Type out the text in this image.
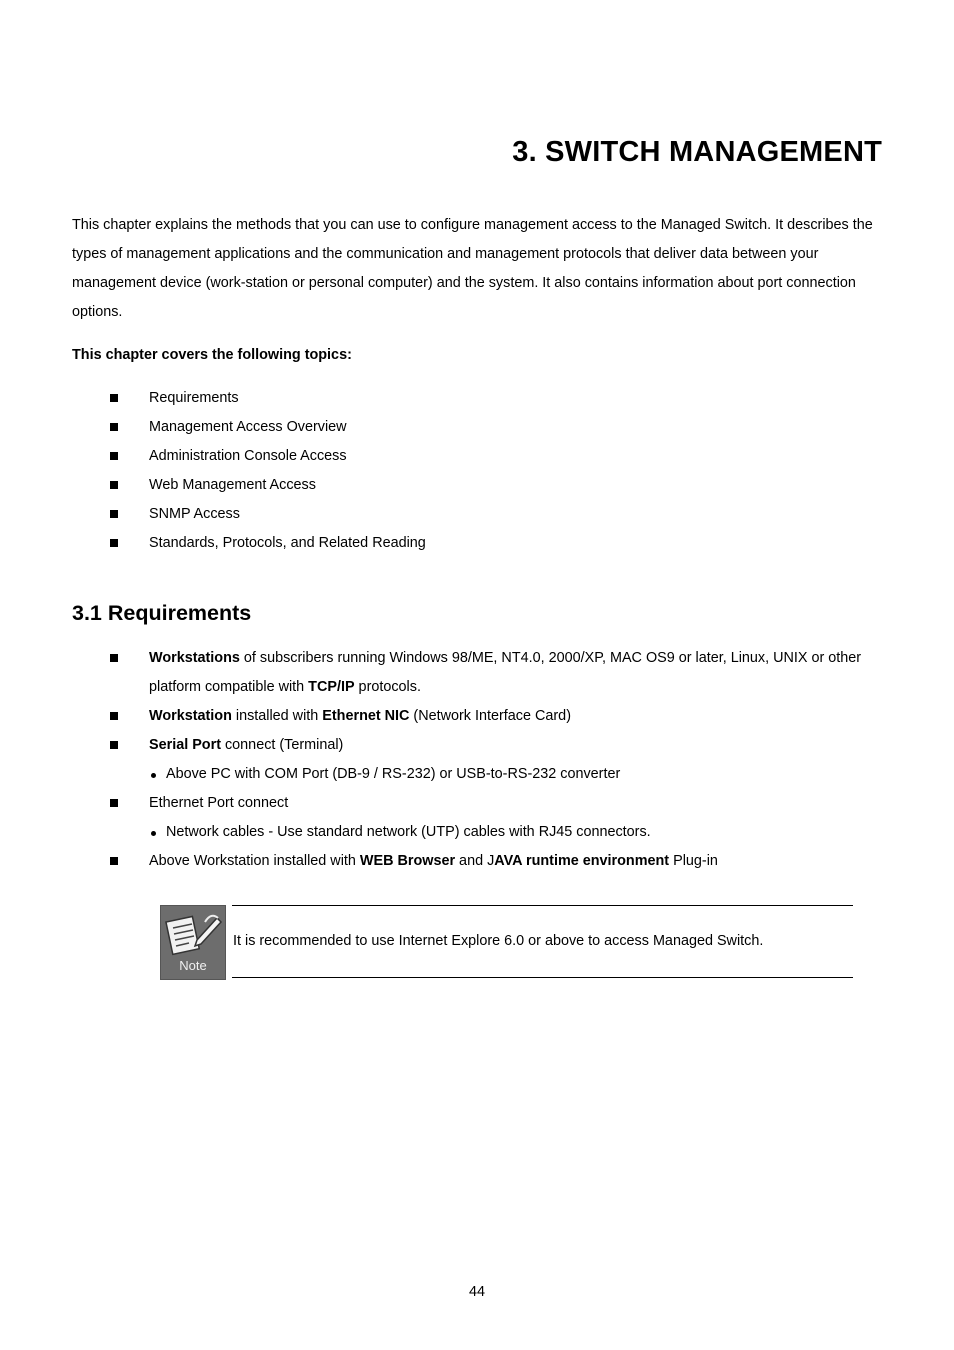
3. SWITCH MANAGEMENT

This chapter explains the methods that you can use to configure management access to the Managed Switch. It describes the types of management applications and the communication and management protocols that deliver data between your management device (work-station or personal computer) and the system. It also contains information about port connection options.

This chapter covers the following topics:

Requirements
Management Access Overview
Administration Console Access
Web Management Access
SNMP Access
Standards, Protocols, and Related Reading
3.1 Requirements
Workstations of subscribers running Windows 98/ME, NT4.0, 2000/XP, MAC OS9 or later, Linux, UNIX or other platform compatible with TCP/IP protocols.
Workstation installed with Ethernet NIC (Network Interface Card)
Serial Port connect (Terminal)
Above PC with COM Port (DB-9 / RS-232) or USB-to-RS-232 converter
Ethernet Port connect
Network cables - Use standard network (UTP) cables with RJ45 connectors.
Above Workstation installed with WEB Browser and JAVA runtime environment Plug-in
Note

It is recommended to use Internet Explore 6.0 or above to access Managed Switch.

44
